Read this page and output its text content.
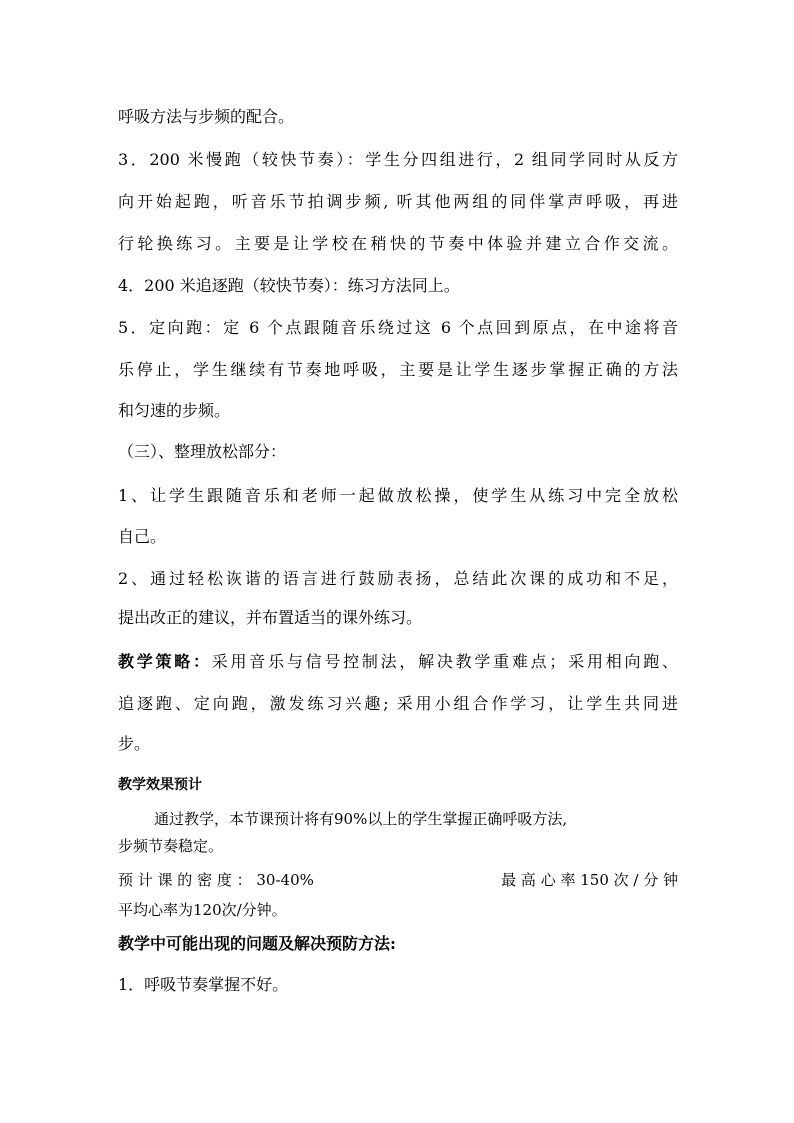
呼吸方法与步频的配合。
3．200 米慢跑（较快节奏）：学生分四组进行，2 组同学同时从反方
向开始起跑，听音乐节拍调步频, 听其他两组的同伴掌声呼吸，再进
行轮换练习。主要是让学校在稍快的节奏中体验并建立合作交流。
4．200 米追逐跑（较快节奏）：练习方法同上。
5．定向跑：定 6 个点跟随音乐绕过这 6 个点回到原点，在中途将音
乐停止，学生继续有节奏地呼吸，主要是让学生逐步掌握正确的方法
和匀速的步频。
（三）、整理放松部分：
1、让学生跟随音乐和老师一起做放松操，使学生从练习中完全放松
自己。
2、通过轻松诙谐的语言进行鼓励表扬，总结此次课的成功和不足，
提出改正的建议，并布置适当的课外练习。
教学策略：采用音乐与信号控制法，解决教学重难点；采用相向跑、
追逐跑、定向跑，激发练习兴趣; 采用小组合作学习，让学生共同进
步。
教学效果预计
通过教学，本节课预计将有90%以上的学生掌握正确呼吸方法,
步频节奏稳定。
预 计 课 的 密 度 ： 30-40%	最 高 心 率 150 次 / 分 钟
平均心率为120次/分钟。
教学中可能出现的问题及解决预防方法:
1．呼吸节奏掌握不好。
